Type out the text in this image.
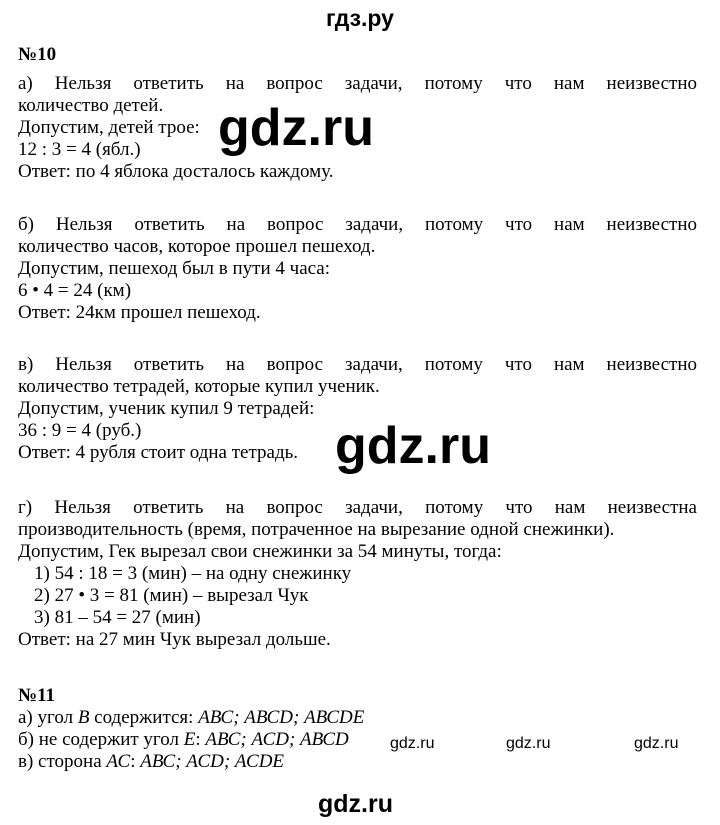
гдз.ру
№10
а) Нельзя ответить на вопрос задачи, потому что нам неизвестно
количество детей.
Допустим, детей трое:
12 : 3 = 4 (ябл.)
Ответ: по 4 яблока досталось каждому.
б) Нельзя ответить на вопрос задачи, потому что нам неизвестно
количество часов, которое прошел пешеход.
Допустим, пешеход был в пути 4 часа:
6 • 4 = 24 (км)
Ответ: 24км прошел пешеход.
в) Нельзя ответить на вопрос задачи, потому что нам неизвестно
количество тетрадей, которые купил ученик.
Допустим, ученик купил 9 тетрадей:
36 : 9 = 4 (руб.)
Ответ: 4 рубля стоит одна тетрадь.
г) Нельзя ответить на вопрос задачи, потому что нам неизвестна
производительность (время, потраченное на вырезание одной снежинки).
Допустим, Гек вырезал свои снежинки за 54 минуты, тогда:
1) 54 : 18 = 3 (мин) – на одну снежинку
2) 27 • 3 = 81 (мин) – вырезал Чук
3) 81 – 54 = 27 (мин)
Ответ: на 27 мин Чук вырезал дольше.
№11
а) угол В содержится: АВС; АВСD; АВСDЕ
б) не содержит угол Е: АВС; АСD; АВСD
в) сторона АС: АВС; АСD; АСDЕ
gdz.ru
gdz.ru
gdz.ru	gdz.ru	gdz.ru
gdz.ru
